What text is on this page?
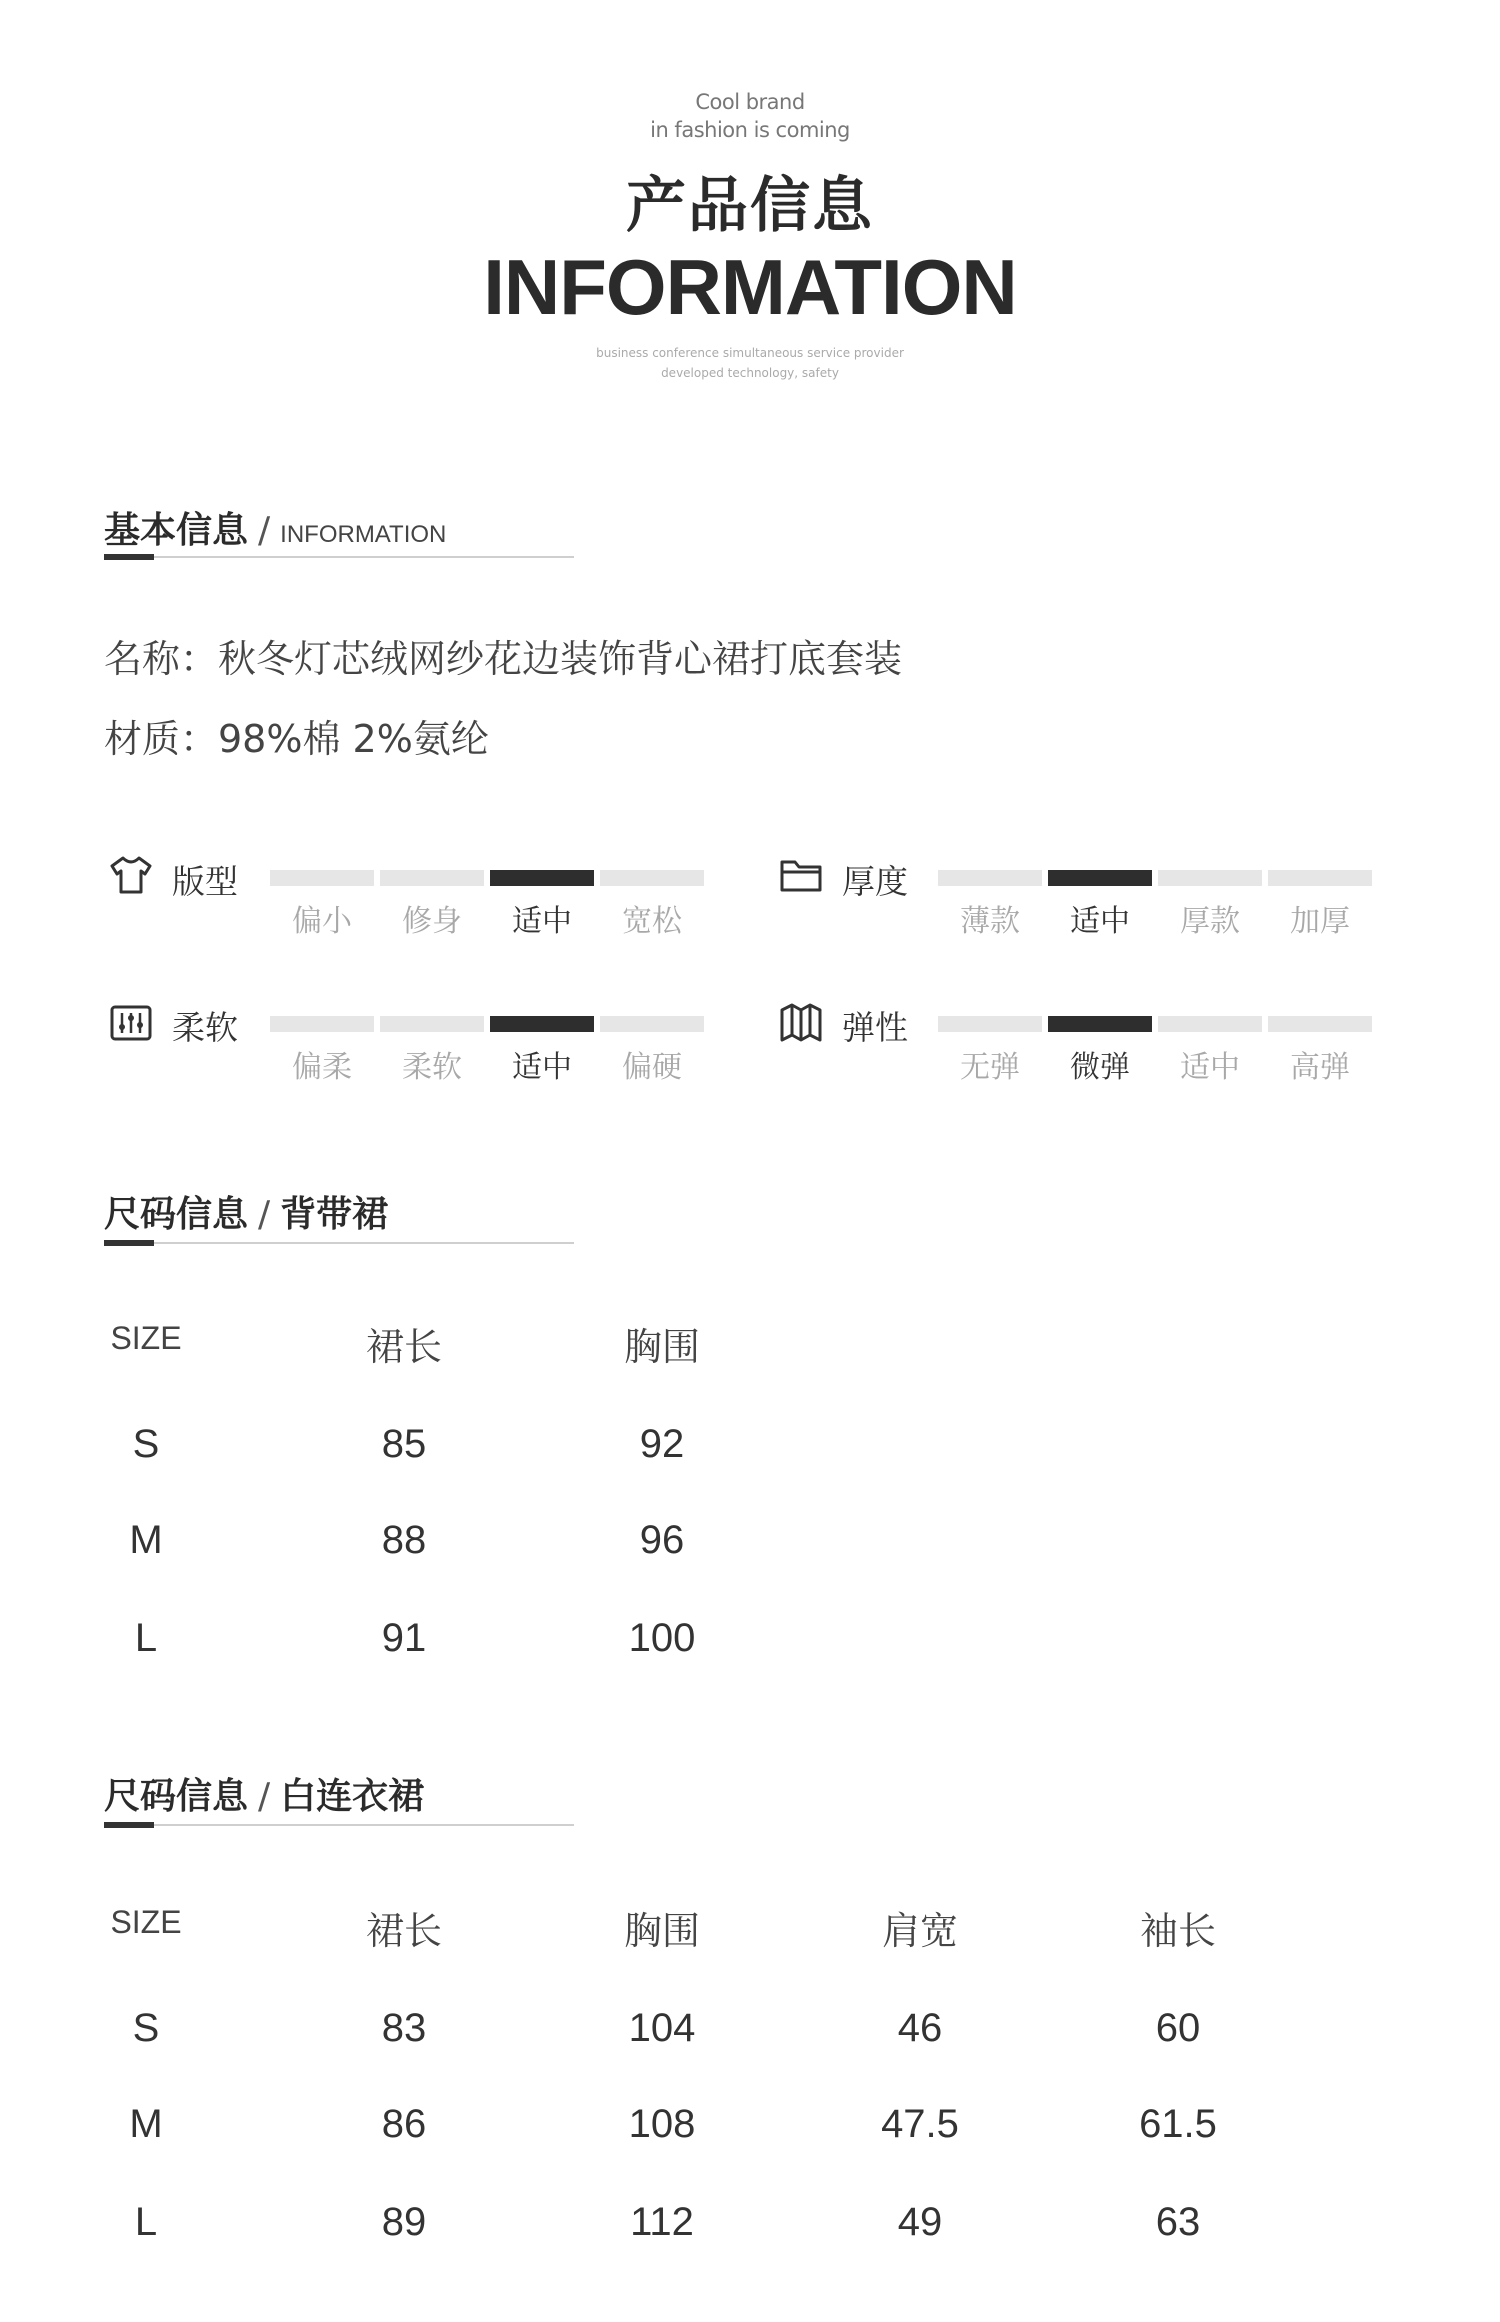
Cool brand
in fashion is coming
产品信息
INFORMATION
business conference simultaneous service provider
developed technology, safety
基本信息 / INFORMATION
名称：秋冬灯芯绒网纱花边装饰背心裙打底套装
材质：98%棉 2%氨纶
版型
偏小	修身	适中	宽松
厚度
薄款	适中	厚款	加厚
柔软
偏柔	柔软	适中	偏硬
弹性
无弹	微弹	适中	高弹
尺码信息 / 背带裙
SIZE	裙长	胸围
S	85	92
M	88	96
L	91	100
尺码信息 / 白连衣裙
SIZE	裙长	胸围	肩宽	袖长
S	83	104	46	60
M	86	108	47.5	61.5
L	89	112	49	63
